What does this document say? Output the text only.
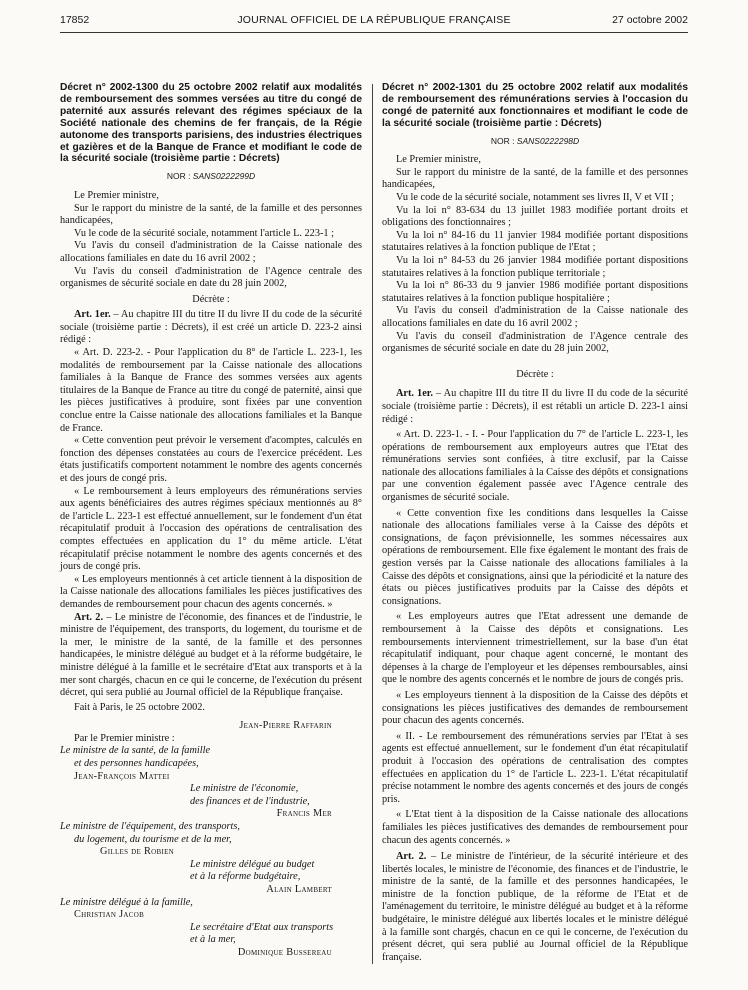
17852	JOURNAL OFFICIEL DE LA RÉPUBLIQUE FRANÇAISE	27 octobre 2002
Décret n° 2002-1300 du 25 octobre 2002 relatif aux modalités de remboursement des sommes versées au titre du congé de paternité aux assurés relevant des régimes spéciaux de la Société nationale des chemins de fer français, de la Régie autonome des transports parisiens, des industries électriques et gazières et de la Banque de France et modifiant le code de la sécurité sociale (troisième partie : Décrets)
NOR : SANS0222299D

Le Premier ministre,

Sur le rapport du ministre de la santé, de la famille et des personnes handicapées,

Vu le code de la sécurité sociale, notamment l'article L. 223-1 ;

Vu l'avis du conseil d'administration de la Caisse nationale des allocations familiales en date du 16 avril 2002 ;

Vu l'avis du conseil d'administration de l'Agence centrale des organismes de sécurité sociale en date du 28 juin 2002,

Décrète :

Art. 1er. – Au chapitre III du titre II du livre II du code de la sécurité sociale (troisième partie : Décrets), il est créé un article D. 223-2 ainsi rédigé :

« Art. D. 223-2. - Pour l'application du 8° de l'article L. 223-1, les modalités de remboursement par la Caisse nationale des allocations familiales à la Banque de France des sommes versées aux agents titulaires de la Banque de France au titre du congé de paternité, ainsi que les pièces justificatives à produire, sont fixées par une convention conclue entre la Caisse nationale des allocations familiales et la Banque de France.

« Cette convention peut prévoir le versement d'acomptes, calculés en fonction des dépenses constatées au cours de l'exercice précédent. Les états justificatifs comportent notamment le nombre des agents concernés et des jours de congé pris.

« Le remboursement à leurs employeurs des rémunérations servies aux agents bénéficiaires des autres régimes spéciaux mentionnés au 8° de l'article L. 223-1 est effectué annuellement, sur le fondement d'un état récapitulatif produit à l'occasion des opérations de centralisation des comptes effectuées en application du 1° du même article. L'état récapitulatif précise notamment le nombre des agents concernés et des jours de congé pris.

« Les employeurs mentionnés à cet article tiennent à la disposition de la Caisse nationale des allocations familiales les pièces justificatives des demandes de remboursement pour chacun des agents concernés. »

Art. 2. – Le ministre de l'économie, des finances et de l'industrie, le ministre de l'équipement, des transports, du logement, du tourisme et de la mer, le ministre de la santé, de la famille et des personnes handicapées, le ministre délégué au budget et à la réforme budgétaire, le ministre délégué à la famille et le secrétaire d'Etat aux transports et à la mer sont chargés, chacun en ce qui le concerne, de l'exécution du présent décret, qui sera publié au Journal officiel de la République française.

Fait à Paris, le 25 octobre 2002.

Jean-Pierre Raffarin
Par le Premier ministre :
Le ministre de la santé, de la famille
et des personnes handicapées,
Jean-François Mattei
Le ministre de l'économie,
des finances et de l'industrie,
Francis Mer
Le ministre de l'équipement, des transports,
du logement, du tourisme et de la mer,
Gilles de Robien
Le ministre délégué au budget
et à la réforme budgétaire,
Alain Lambert
Le ministre délégué à la famille,
Christian Jacob
Le secrétaire d'Etat aux transports
et à la mer,
Dominique Bussereau
Décret n° 2002-1301 du 25 octobre 2002 relatif aux modalités de remboursement des rémunérations servies à l'occasion du congé de paternité aux fonctionnaires et modifiant le code de la sécurité sociale (troisième partie : Décrets)
NOR : SANS0222298D

Le Premier ministre,

Sur le rapport du ministre de la santé, de la famille et des personnes handicapées,

Vu le code de la sécurité sociale, notamment ses livres II, V et VII ;

Vu la loi n° 83-634 du 13 juillet 1983 modifiée portant droits et obligations des fonctionnaires ;

Vu la loi n° 84-16 du 11 janvier 1984 modifiée portant dispositions statutaires relatives à la fonction publique de l'Etat ;

Vu la loi n° 84-53 du 26 janvier 1984 modifiée portant dispositions statutaires relatives à la fonction publique territoriale ;

Vu la loi n° 86-33 du 9 janvier 1986 modifiée portant dispositions statutaires relatives à la fonction publique hospitalière ;

Vu l'avis du conseil d'administration de la Caisse nationale des allocations familiales en date du 16 avril 2002 ;

Vu l'avis du conseil d'administration de l'Agence centrale des organismes de sécurité sociale en date du 28 juin 2002,

Décrète :

Art. 1er. – Au chapitre III du titre II du livre II du code de la sécurité sociale (troisième partie : Décrets), il est rétabli un article D. 223-1 ainsi rédigé :

« Art. D. 223-1. - I. - Pour l'application du 7° de l'article L. 223-1, les opérations de remboursement aux employeurs autres que l'Etat des rémunérations servies sont confiées, à titre exclusif, par la Caisse nationale des allocations familiales à la Caisse des dépôts et consignations par une convention également passée avec l'Agence centrale des organismes de sécurité sociale.

« Cette convention fixe les conditions dans lesquelles la Caisse nationale des allocations familiales verse à la Caisse des dépôts et consignations, de façon prévisionnelle, les sommes nécessaires aux opérations de remboursement. Elle fixe également le montant des frais de gestion versés par la Caisse nationale des allocations familiales à la Caisse des dépôts et consignations, ainsi que la périodicité et la nature des états ou pièces justificatives produits par la Caisse des dépôts et consignations.

« Les employeurs autres que l'Etat adressent une demande de remboursement à la Caisse des dépôts et consignations. Les remboursements interviennent trimestriellement, sur la base d'un état récapitulatif indiquant, pour chaque agent concerné, le montant des dépenses à la charge de l'employeur et les dépenses remboursables, ainsi que le nombre des agents concernés et le nombre de jours de congés pris.

« Les employeurs tiennent à la disposition de la Caisse des dépôts et consignations les pièces justificatives des demandes de remboursement pour chacun des agents concernés.

« II. - Le remboursement des rémunérations servies par l'Etat à ses agents est effectué annuellement, sur le fondement d'un état récapitulatif produit à l'occasion des opérations de centralisation des comptes effectuées en application du 1° de l'article L. 223-1. L'état récapitulatif précise notamment le nombre des agents concernés et des jours de congés pris.

« L'Etat tient à la disposition de la Caisse nationale des allocations familiales les pièces justificatives des demandes de remboursement pour chacun des agents concernés. »

Art. 2. – Le ministre de l'intérieur, de la sécurité intérieure et des libertés locales, le ministre de l'économie, des finances et de l'industrie, le ministre de la santé, de la famille et des personnes handicapées, le ministre de la fonction publique, de la réforme de l'Etat et de l'aménagement du territoire, le ministre délégué au budget et à la réforme budgétaire, le ministre délégué aux libertés locales et le ministre délégué à la famille sont chargés, chacun en ce qui le concerne, de l'exécution du présent décret, qui sera publié au Journal officiel de la République française.
